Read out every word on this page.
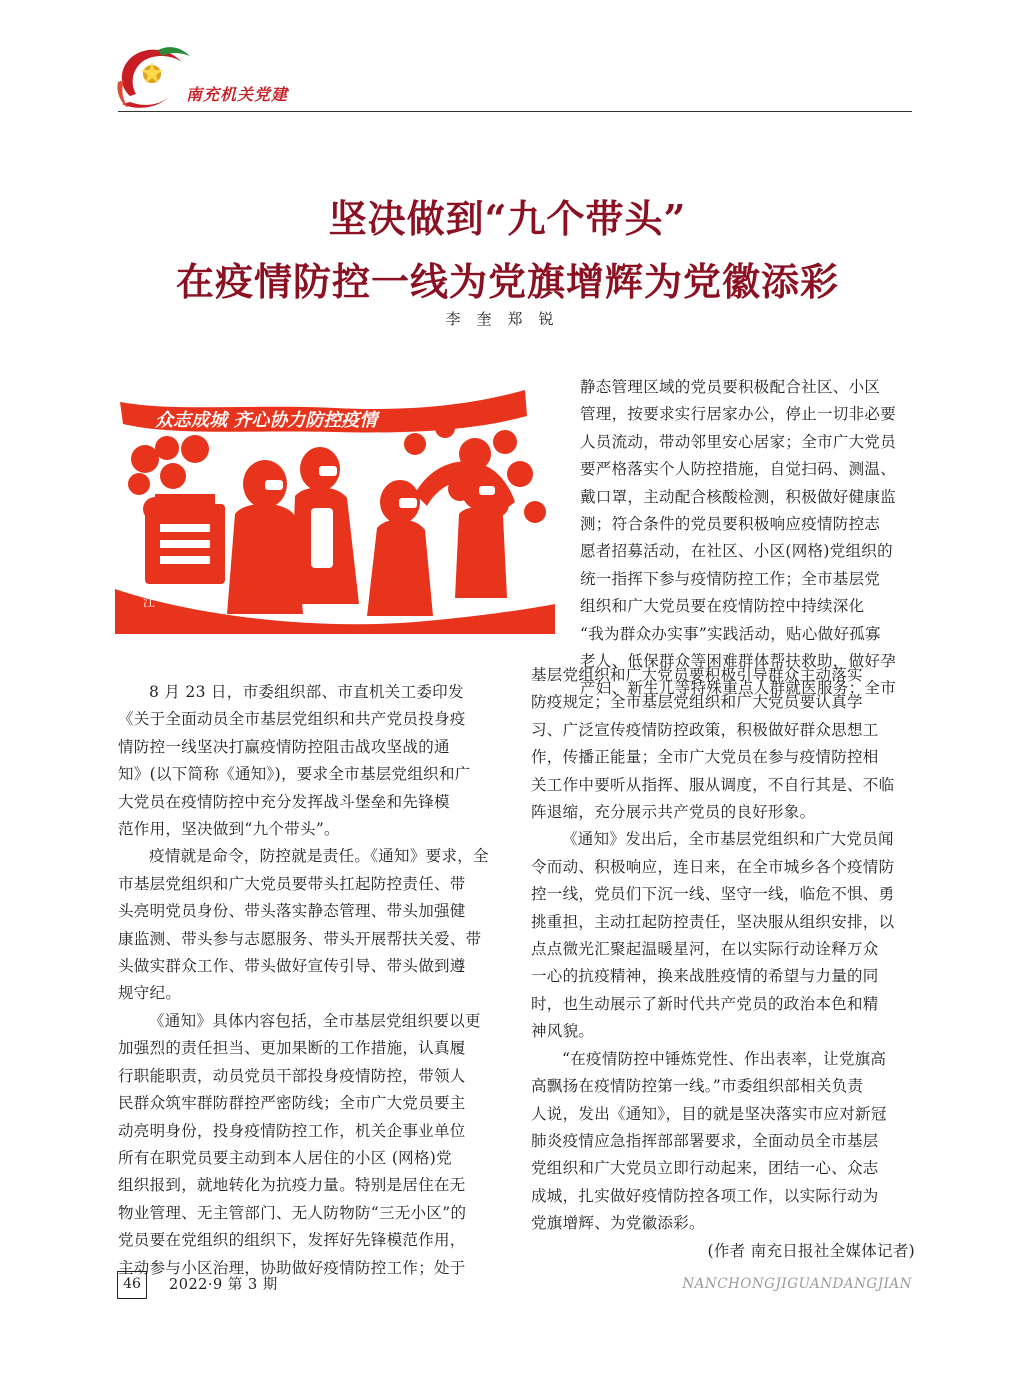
南充机关党建
坚决做到“九个带头”
在疫情防控一线为党旗增辉为党徽添彩
李奎郑锐
众志成城 齐心协力防控疫情
江

静态管理区域的党员要积极配合社区、小区

管理，按要求实行居家办公，停止一切非必要

人员流动，带动邻里安心居家；全市广大党员

要严格落实个人防控措施，自觉扫码、测温、

戴口罩，主动配合核酸检测，积极做好健康监

测；符合条件的党员要积极响应疫情防控志

愿者招募活动，在社区、小区(网格)党组织的

统一指挥下参与疫情防控工作；全市基层党

组织和广大党员要在疫情防控中持续深化

“我为群众办实事”实践活动，贴心做好孤寡

老人、低保群众等困难群体帮扶救助，做好孕

产妇、新生儿等特殊重点人群就医服务；全市

8 月 23 日，市委组织部、市直机关工委印发

《关于全面动员全市基层党组织和共产党员投身疫

情防控一线坚决打赢疫情防控阻击战攻坚战的通

知》(以下简称《通知》)，要求全市基层党组织和广

大党员在疫情防控中充分发挥战斗堡垒和先锋模

范作用，坚决做到“九个带头”。

疫情就是命令，防控就是责任。《通知》要求，全

市基层党组织和广大党员要带头扛起防控责任、带

头亮明党员身份、带头落实静态管理、带头加强健

康监测、带头参与志愿服务、带头开展帮扶关爱、带

头做实群众工作、带头做好宣传引导、带头做到遵

规守纪。

《通知》具体内容包括，全市基层党组织要以更

加强烈的责任担当、更加果断的工作措施，认真履

行职能职责，动员党员干部投身疫情防控，带领人

民群众筑牢群防群控严密防线；全市广大党员要主

动亮明身份，投身疫情防控工作，机关企事业单位

所有在职党员要主动到本人居住的小区 (网格)党

组织报到，就地转化为抗疫力量。特别是居住在无

物业管理、无主管部门、无人防物防“三无小区”的

党员要在党组织的组织下，发挥好先锋模范作用，

主动参与小区治理，协助做好疫情防控工作；处于

基层党组织和广大党员要积极引导群众主动落实

防疫规定；全市基层党组织和广大党员要认真学

习、广泛宣传疫情防控政策，积极做好群众思想工

作，传播正能量；全市广大党员在参与疫情防控相

关工作中要听从指挥、服从调度，不自行其是、不临

阵退缩，充分展示共产党员的良好形象。

《通知》发出后，全市基层党组织和广大党员闻

令而动、积极响应，连日来，在全市城乡各个疫情防

控一线，党员们下沉一线、坚守一线，临危不惧、勇

挑重担，主动扛起防控责任，坚决服从组织安排，以

点点微光汇聚起温暖星河，在以实际行动诠释万众

一心的抗疫精神，换来战胜疫情的希望与力量的同

时，也生动展示了新时代共产党员的政治本色和精

神风貌。

“在疫情防控中锤炼党性、作出表率，让党旗高

高飘扬在疫情防控第一线。”市委组织部相关负责

人说，发出《通知》，目的就是坚决落实市应对新冠

肺炎疫情应急指挥部部署要求，全面动员全市基层

党组织和广大党员立即行动起来，团结一心、众志

成城，扎实做好疫情防控各项工作，以实际行动为

党旗增辉、为党徽添彩。

(作者 南充日报社全媒体记者)

46	2022·9 第 3 期	NANCHONGJIGUANDANGJIAN
